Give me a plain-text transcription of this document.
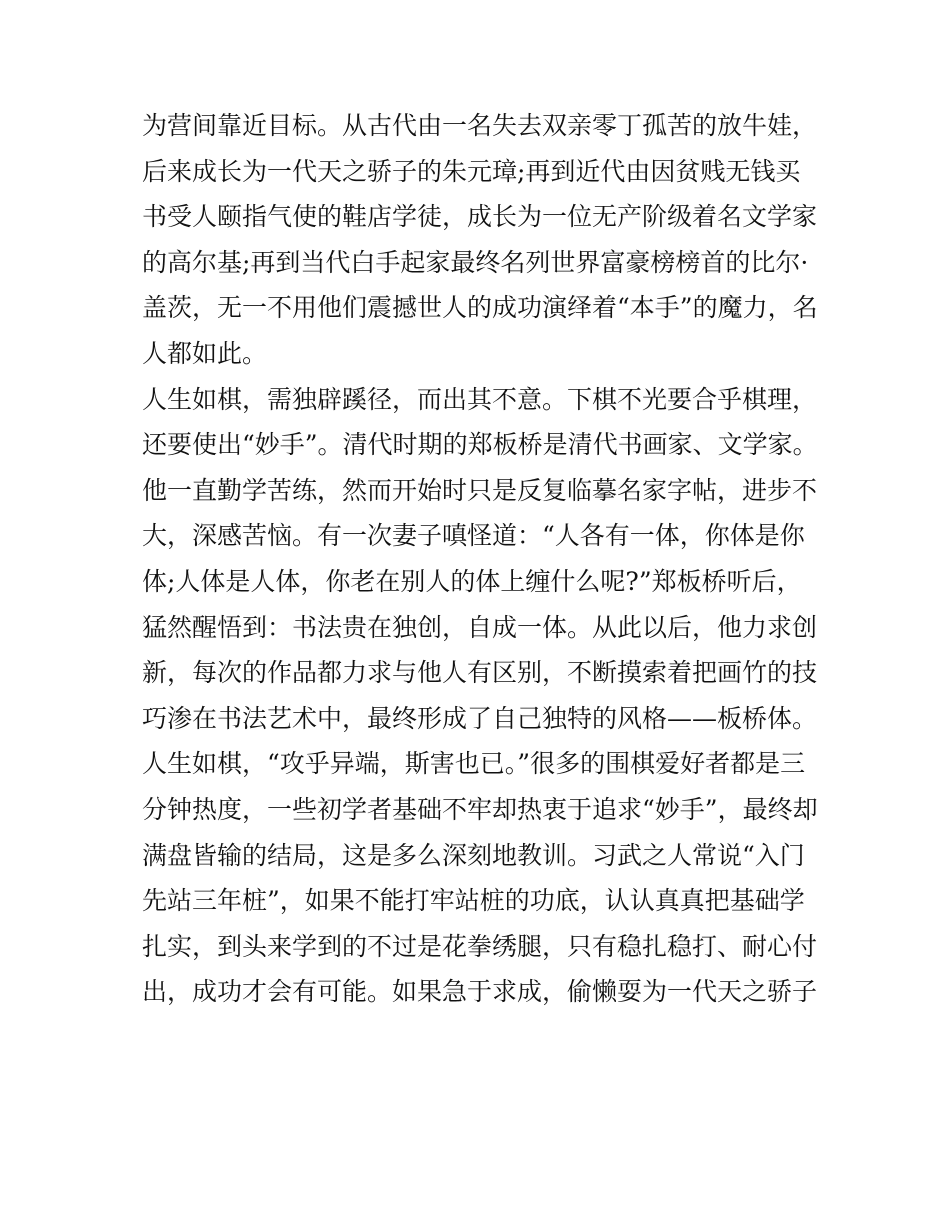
为营间靠近目标。从古代由一名失去双亲零丁孤苦的放牛娃，
后来成长为一代天之骄子的朱元璋;再到近代由因贫贱无钱买
书受人颐指气使的鞋店学徒，成长为一位无产阶级着名文学家
的高尔基;再到当代白手起家最终名列世界富豪榜榜首的比尔·
盖茨，无一不用他们震撼世人的成功演绎着“本手”的魔力，名
人都如此。
人生如棋，需独辟蹊径，而出其不意。下棋不光要合乎棋理，
还要使出“妙手”。清代时期的郑板桥是清代书画家、文学家。
他一直勤学苦练，然而开始时只是反复临摹名家字帖，进步不
大，深感苦恼。有一次妻子嗔怪道：“人各有一体，你体是你
体;人体是人体，你老在别人的体上缠什么呢?”郑板桥听后，
猛然醒悟到：书法贵在独创，自成一体。从此以后，他力求创
新，每次的作品都力求与他人有区别，不断摸索着把画竹的技
巧渗在书法艺术中，最终形成了自己独特的风格——板桥体。
人生如棋，“攻乎异端，斯害也已。”很多的围棋爱好者都是三
分钟热度，一些初学者基础不牢却热衷于追求“妙手”，最终却
满盘皆输的结局，这是多么深刻地教训。习武之人常说“入门
先站三年桩”，如果不能打牢站桩的功底，认认真真把基础学
扎实，到头来学到的不过是花拳绣腿，只有稳扎稳打、耐心付
出，成功才会有可能。如果急于求成，偷懒耍为一代天之骄子
